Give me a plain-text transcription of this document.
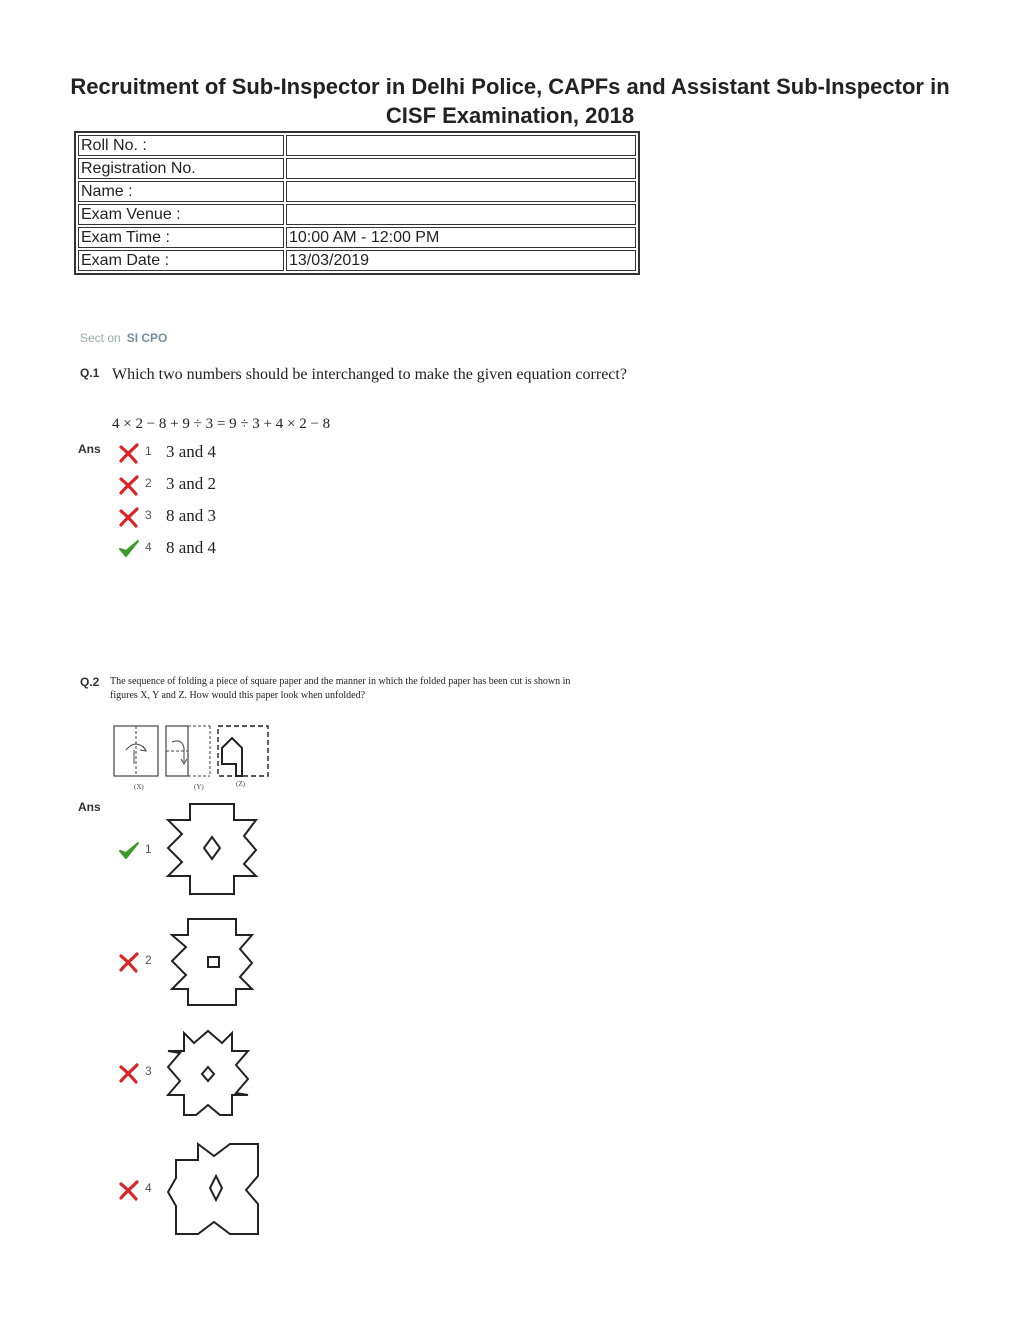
Recruitment of Sub-Inspector in Delhi Police, CAPFs and Assistant Sub-Inspector in CISF Examination, 2018
Roll No. :	
Registration No.	
Name :	
Exam Venue :	
Exam Time :	10:00 AM - 12:00 PM
Exam Date :	13/03/2019
Sect on SI CPO
Q.1 Which two numbers should be interchanged to make the given equation correct?
4 × 2 − 8 + 9 ÷ 3 = 9 ÷ 3 + 4 × 2 − 8
Ans	1 3 and 4
2 3 and 2
3 8 and 3
4 8 and 4
Q.2 The sequence of folding a piece of square paper and the manner in which the folded paper has been cut is shown in
figures X, Y and Z. How would this paper look when unfolded?
(X)	(Y)	(Z)
Ans
1
2
3
4
